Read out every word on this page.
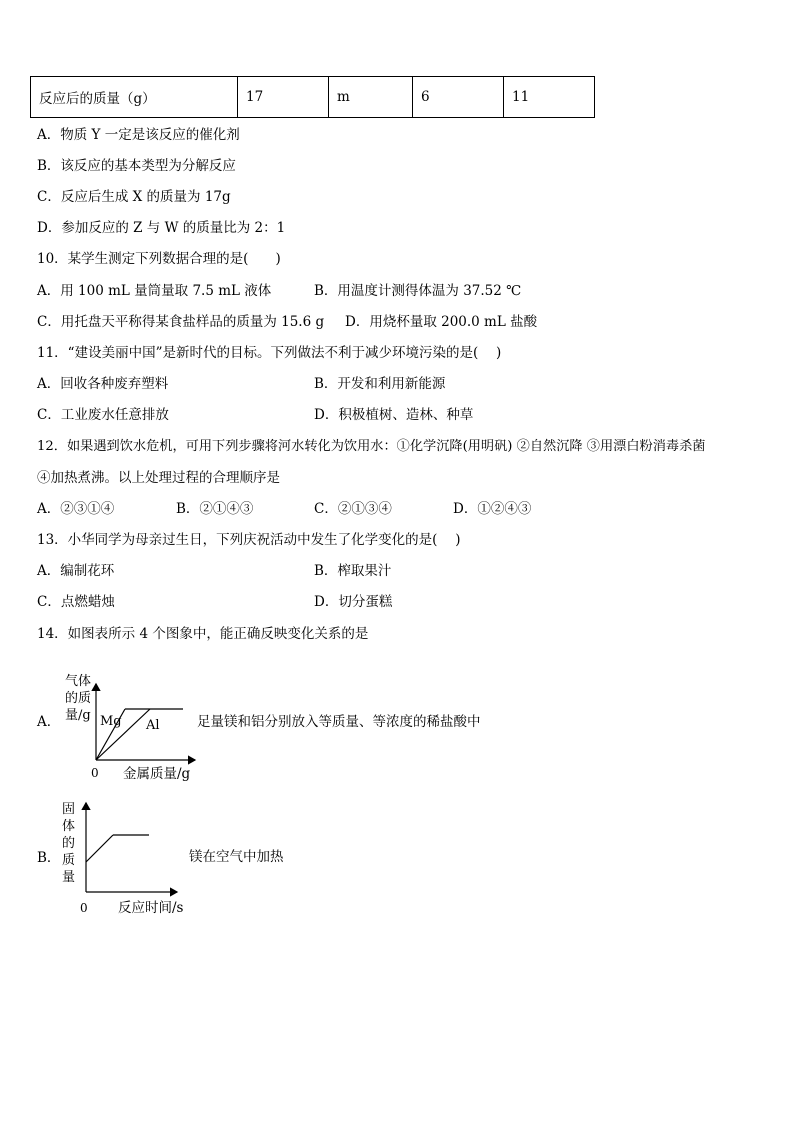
反应后的质量（g）	17	m	6	11
A．物质 Y 一定是该反应的催化剂
B．该反应的基本类型为分解反应
C．反应后生成 X 的质量为 17g
D．参加反应的 Z 与 W 的质量比为 2：1
10．某学生测定下列数据合理的是(　　)
A．用 100 mL 量筒量取 7.5 mL 液体	B．用温度计测得体温为 37.52 ℃
C．用托盘天平称得某食盐样品的质量为 15.6 g D．用烧杯量取 200.0 mL 盐酸
11．“建设美丽中国”是新时代的目标。下列做法不利于减少环境污染的是(　 )
A．回收各种废弃塑料	B．开发和利用新能源
C．工业废水任意排放	D．积极植树、造林、种草
12．如果遇到饮水危机，可用下列步骤将河水转化为饮用水：①化学沉降(用明矾) ②自然沉降 ③用漂白粉消毒杀菌
④加热煮沸。以上处理过程的合理顺序是
A．②③①④	B．②①④③	C．②①③④	D．①②④③
13．小华同学为母亲过生日，下列庆祝活动中发生了化学变化的是(　 )
A．编制花环	B．榨取果汁
C．点燃蜡烛	D．切分蛋糕
14．如图表所示 4 个图象中，能正确反映变化关系的是
A．
气体
的质
量/g Mg Al
0 金属质量/g
足量镁和铝分别放入等质量、等浓度的稀盐酸中
B．
固
体
的
质
量
0 反应时间/s
镁在空气中加热
